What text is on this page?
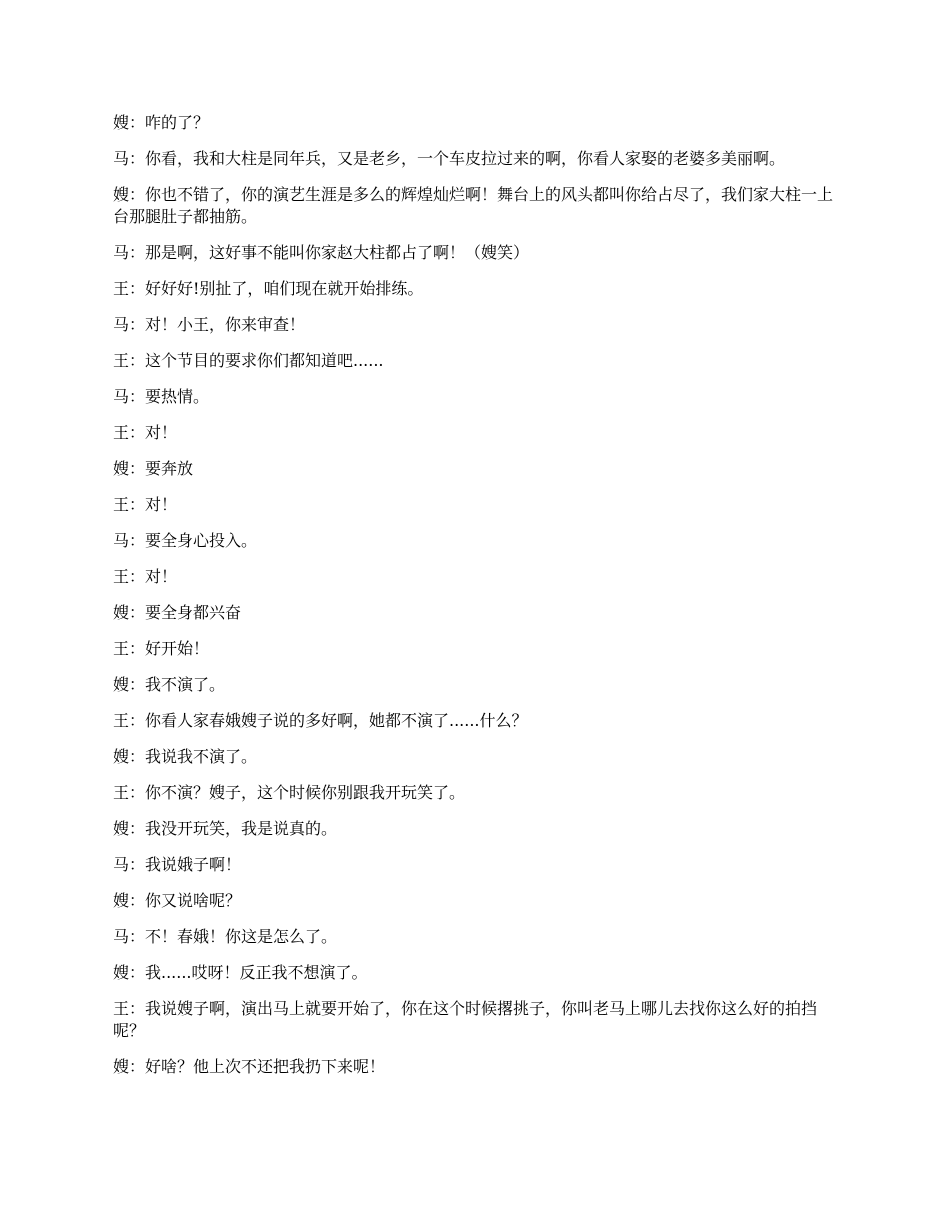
嫂：咋的了？

马：你看，我和大柱是同年兵，又是老乡，一个车皮拉过来的啊，你看人家娶的老婆多美丽啊。

嫂：你也不错了，你的演艺生涯是多么的辉煌灿烂啊！舞台上的风头都叫你给占尽了，我们家大柱一上台那腿肚子都抽筋。

马：那是啊，这好事不能叫你家赵大柱都占了啊！（嫂笑）

王：好好好!别扯了，咱们现在就开始排练。

马：对！小王，你来审查！

王：这个节目的要求你们都知道吧......

马：要热情。

王：对！

嫂：要奔放

王：对！

马：要全身心投入。

王：对！

嫂：要全身都兴奋

王：好开始！

嫂：我不演了。

王：你看人家春娥嫂子说的多好啊，她都不演了......什么？

嫂：我说我不演了。

王：你不演？嫂子，这个时候你别跟我开玩笑了。

嫂：我没开玩笑，我是说真的。

马：我说娥子啊！

嫂：你又说啥呢？

马：不！春娥！你这是怎么了。

嫂：我......哎呀！反正我不想演了。

王：我说嫂子啊，演出马上就要开始了，你在这个时候撂挑子，你叫老马上哪儿去找你这么好的拍挡呢？

嫂：好啥？他上次不还把我扔下来呢！
